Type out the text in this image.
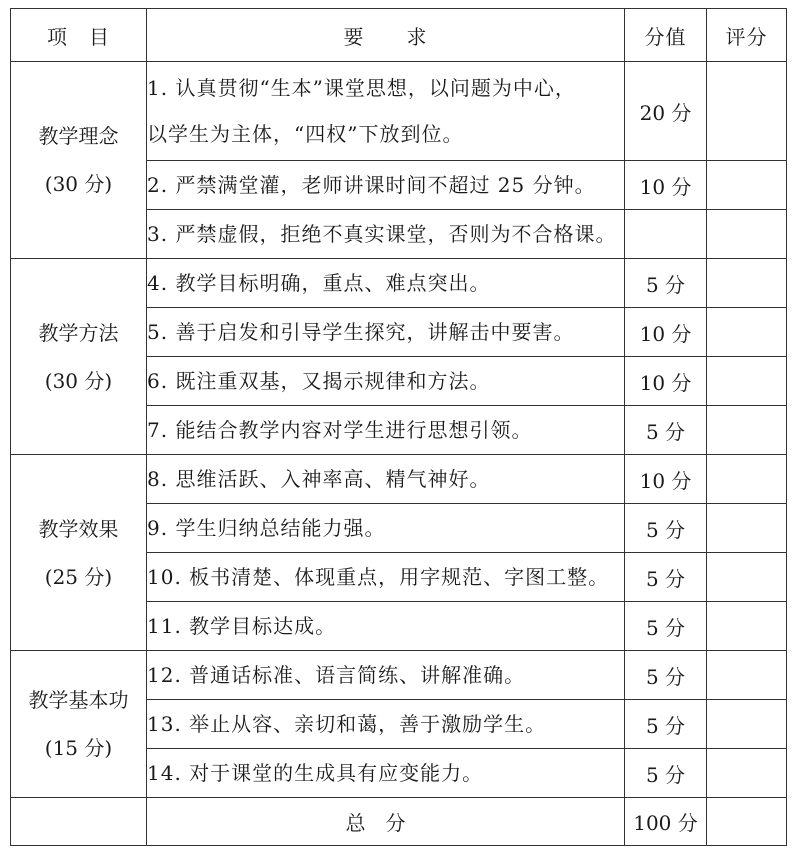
项　目	要　　求	分值	评分

教学理念
(30 分)	1. 认真贯彻“生本”课堂思想，以问题为中心，
以学生为主体，“四权”下放到位。	20 分	

	2. 严禁满堂灌，老师讲课时间不超过 25 分钟。	10 分	

	3. 严禁虚假，拒绝不真实课堂，否则为不合格课。		

教学方法
(30 分)	4. 教学目标明确，重点、难点突出。	5 分	

	5. 善于启发和引导学生探究，讲解击中要害。	10 分	

	6. 既注重双基，又揭示规律和方法。	10 分	

	7. 能结合教学内容对学生进行思想引领。	5 分	

教学效果
(25 分)	8. 思维活跃、入神率高、精气神好。	10 分	

	9. 学生归纳总结能力强。	5 分	

	10. 板书清楚、体现重点，用字规范、字图工整。	5 分	

	11. 教学目标达成。	5 分	

教学基本功
(15 分)	12. 普通话标准、语言简练、讲解准确。	5 分	

	13. 举止从容、亲切和蔼，善于激励学生。	5 分	

	14. 对于课堂的生成具有应变能力。	5 分	
	总分	100 分	
